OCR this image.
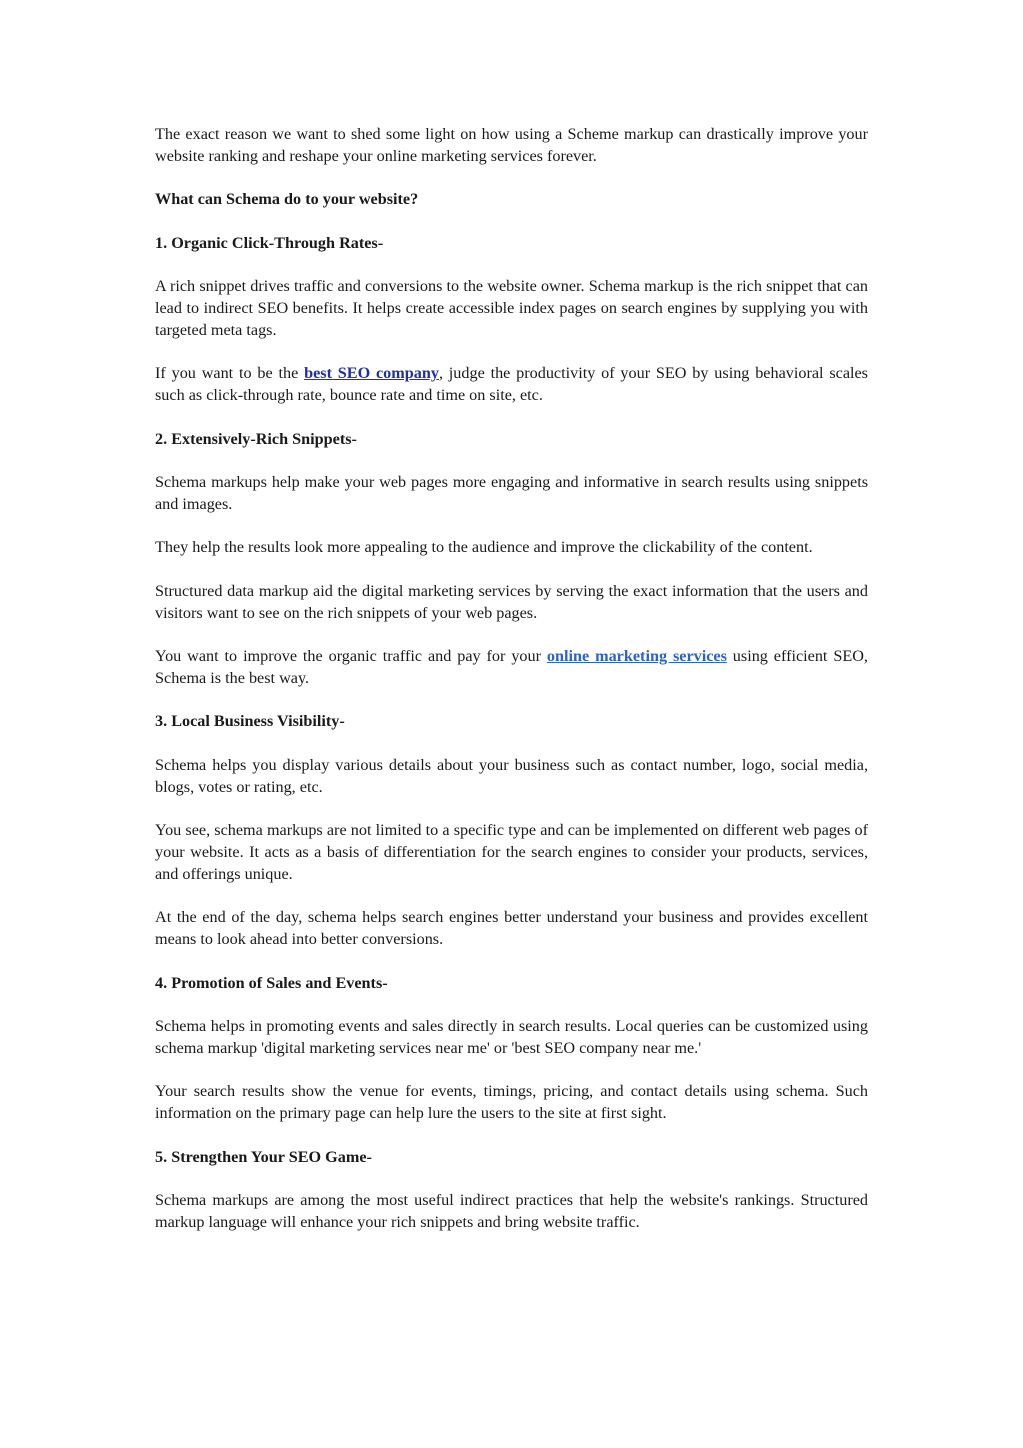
The exact reason we want to shed some light on how using a Scheme markup can drastically improve your website ranking and reshape your online marketing services forever.

What can Schema do to your website?
1. Organic Click-Through Rates-

A rich snippet drives traffic and conversions to the website owner. Schema markup is the rich snippet that can lead to indirect SEO benefits. It helps create accessible index pages on search engines by supplying you with targeted meta tags.

If you want to be the best SEO company, judge the productivity of your SEO by using behavioral scales such as click-through rate, bounce rate and time on site, etc.

2. Extensively-Rich Snippets-

Schema markups help make your web pages more engaging and informative in search results using snippets and images.

They help the results look more appealing to the audience and improve the clickability of the content.

Structured data markup aid the digital marketing services by serving the exact information that the users and visitors want to see on the rich snippets of your web pages.

You want to improve the organic traffic and pay for your online marketing services using efficient SEO, Schema is the best way.

3. Local Business Visibility-

Schema helps you display various details about your business such as contact number, logo, social media, blogs, votes or rating, etc.

You see, schema markups are not limited to a specific type and can be implemented on different web pages of your website. It acts as a basis of differentiation for the search engines to consider your products, services, and offerings unique.

At the end of the day, schema helps search engines better understand your business and provides excellent means to look ahead into better conversions.

4. Promotion of Sales and Events-

Schema helps in promoting events and sales directly in search results. Local queries can be customized using schema markup 'digital marketing services near me' or 'best SEO company near me.'

Your search results show the venue for events, timings, pricing, and contact details using schema. Such information on the primary page can help lure the users to the site at first sight.

5. Strengthen Your SEO Game-

Schema markups are among the most useful indirect practices that help the website's rankings. Structured markup language will enhance your rich snippets and bring website traffic.
